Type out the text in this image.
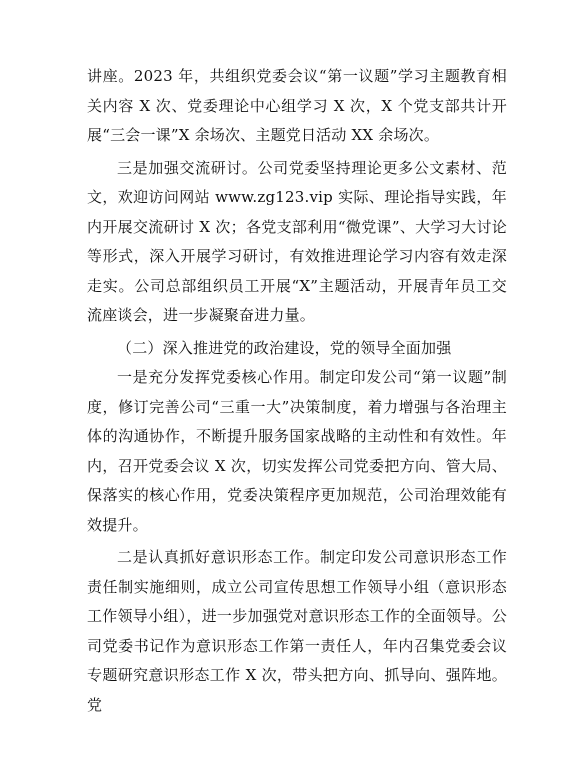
讲座。2023 年，共组织党委会议“第一议题”学习主题教育相关内容 X 次、党委理论中心组学习 X 次，X 个党支部共计开展“三会一课”X 余场次、主题党日活动 XX 余场次。

三是加强交流研讨。公司党委坚持理论更多公文素材、范文，欢迎访问网站 www.zg123.vip 实际、理论指导实践，年内开展交流研讨 X 次；各党支部利用“微党课”、大学习大讨论等形式，深入开展学习研讨，有效推进理论学习内容有效走深走实。公司总部组织员工开展“X”主题活动，开展青年员工交流座谈会，进一步凝聚奋进力量。

（二）深入推进党的政治建设，党的领导全面加强

一是充分发挥党委核心作用。制定印发公司“第一议题”制度，修订完善公司“三重一大”决策制度，着力增强与各治理主体的沟通协作，不断提升服务国家战略的主动性和有效性。年内，召开党委会议 X 次，切实发挥公司党委把方向、管大局、保落实的核心作用，党委决策程序更加规范，公司治理效能有效提升。

二是认真抓好意识形态工作。制定印发公司意识形态工作责任制实施细则，成立公司宣传思想工作领导小组（意识形态工作领导小组），进一步加强党对意识形态工作的全面领导。公司党委书记作为意识形态工作第一责任人，年内召集党委会议专题研究意识形态工作 X 次，带头把方向、抓导向、强阵地。党
